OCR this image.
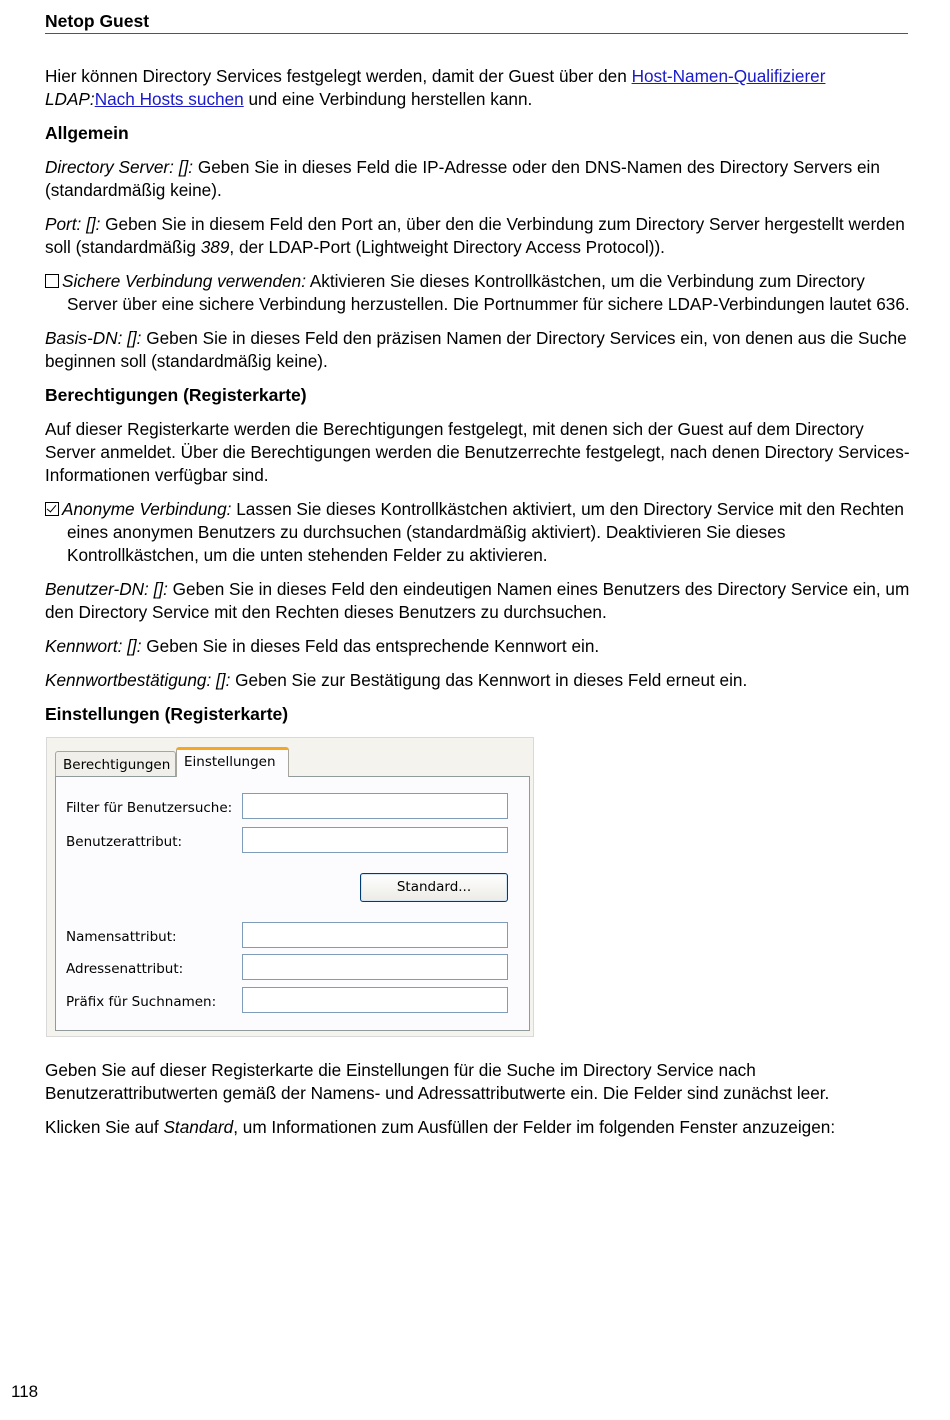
Netop Guest

Hier können Directory Services festgelegt werden, damit der Guest über den Host-Namen-Qualifizierer
LDAP:Nach Hosts suchen und eine Verbindung herstellen kann.

Allgemein

Directory Server: []: Geben Sie in dieses Feld die IP-Adresse oder den DNS-Namen des Directory Servers ein (standardmäßig keine).

Port: []: Geben Sie in diesem Feld den Port an, über den die Verbindung zum Directory Server hergestellt werden soll (standardmäßig 389, der LDAP-Port (Lightweight Directory Access Protocol)).

Sichere Verbindung verwenden: Aktivieren Sie dieses Kontrollkästchen, um die Verbindung zum Directory Server über eine sichere Verbindung herzustellen. Die Portnummer für sichere LDAP-Verbindungen lautet 636.

Basis-DN: []: Geben Sie in dieses Feld den präzisen Namen der Directory Services ein, von denen aus die Suche beginnen soll (standardmäßig keine).

Berechtigungen (Registerkarte)

Auf dieser Registerkarte werden die Berechtigungen festgelegt, mit denen sich der Guest auf dem Directory Server anmeldet. Über die Berechtigungen werden die Benutzerrechte festgelegt, nach denen Directory Services-Informationen verfügbar sind.

Anonyme Verbindung: Lassen Sie dieses Kontrollkästchen aktiviert, um den Directory Service mit den Rechten eines anonymen Benutzers zu durchsuchen (standardmäßig aktiviert). Deaktivieren Sie dieses Kontrollkästchen, um die unten stehenden Felder zu aktivieren.

Benutzer-DN: []: Geben Sie in dieses Feld den eindeutigen Namen eines Benutzers des Directory Service ein, um den Directory Service mit den Rechten dieses Benutzers zu durchsuchen.

Kennwort: []: Geben Sie in dieses Feld das entsprechende Kennwort ein.

Kennwortbestätigung: []: Geben Sie zur Bestätigung das Kennwort in dieses Feld erneut ein.

Einstellungen (Registerkarte)
Berechtigungen	Einstellungen
Filter für Benutzersuche:
Benutzerattribut:
Standard...
Namensattribut:
Adressenattribut:
Präfix für Suchnamen:

Geben Sie auf dieser Registerkarte die Einstellungen für die Suche im Directory Service nach Benutzerattributwerten gemäß der Namens- und Adressattributwerte ein. Die Felder sind zunächst leer.

Klicken Sie auf Standard, um Informationen zum Ausfüllen der Felder im folgenden Fenster anzuzeigen:

118
